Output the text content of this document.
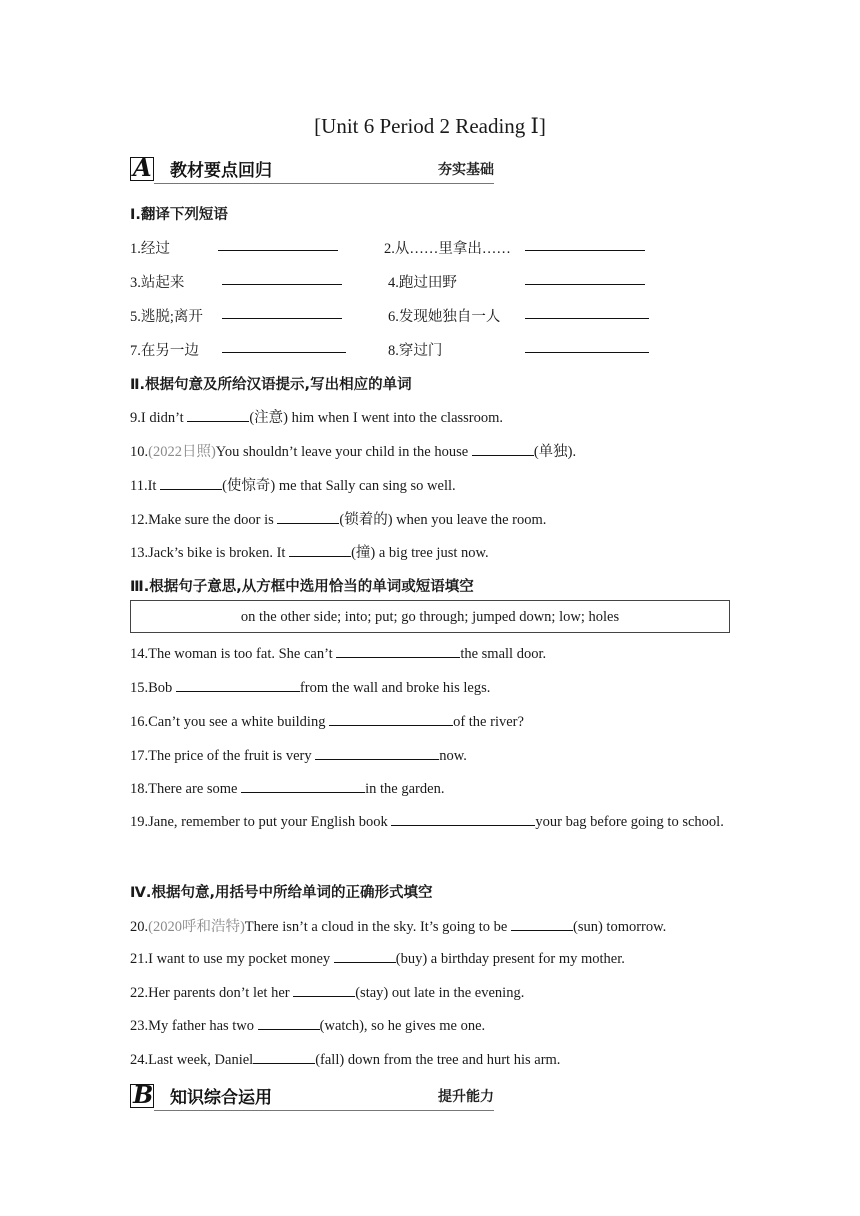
[Unit 6 Period 2 Reading Ⅰ]
A 教材要点回归	夯实基础
Ⅰ.翻译下列短语
1.经过	2.从……里拿出……
3.站起来	4.跑过田野
5.逃脱;离开	6.发现她独自一人
7.在另一边	8.穿过门
Ⅱ.根据句意及所给汉语提示,写出相应的单词
9.I didn’t	(注意) him when I went into the classroom.
10.(2022日照)You shouldn’t leave your child in the house	(单独).
11.It	(使惊奇) me that Sally can sing so well.
12.Make sure the door is	(锁着的) when you leave the room.
13.Jack’s bike is broken. It	(撞) a big tree just now.
Ⅲ.根据句子意思,从方框中选用恰当的单词或短语填空
on the other side; into; put; go through; jumped down; low; holes
14.The woman is too fat. She can’t	the small door.
15.Bob	from the wall and broke his legs.
16.Can’t you see a white building	of the river?
17.The price of the fruit is very	now.
18.There are some	in the garden.
19.Jane, remember to put your English book	your bag before going to school.
Ⅳ.根据句意,用括号中所给单词的正确形式填空
20.(2020呼和浩特)There isn’t a cloud in the sky. It’s going to be	(sun) tomorrow.
21.I want to use my pocket money	(buy) a birthday present for my mother.
22.Her parents don’t let her	(stay) out late in the evening.
23.My father has two	(watch), so he gives me one.
24.Last week, Daniel	(fall) down from the tree and hurt his arm.
B 知识综合运用	提升能力
